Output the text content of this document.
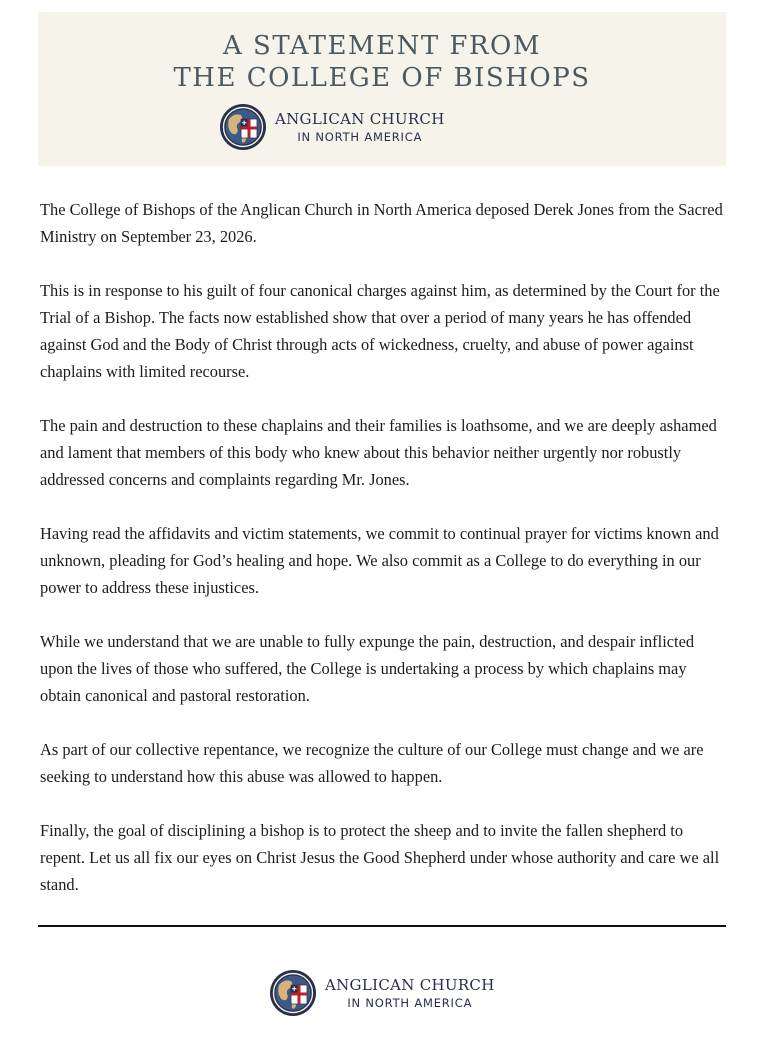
A STATEMENT FROM
THE COLLEGE OF BISHOPS
ANGLICAN CHURCH
IN NORTH AMERICA

The College of Bishops of the Anglican Church in North America deposed Derek Jones from the Sacred Ministry on September 23, 2026.

This is in response to his guilt of four canonical charges against him, as determined by the Court for the Trial of a Bishop. The facts now established show that over a period of many years he has offended against God and the Body of Christ through acts of wickedness, cruelty, and abuse of power against chaplains with limited recourse.

The pain and destruction to these chaplains and their families is loathsome, and we are deeply ashamed and lament that members of this body who knew about this behavior neither urgently nor robustly addressed concerns and complaints regarding Mr. Jones.

Having read the affidavits and victim statements, we commit to continual prayer for victims known and unknown, pleading for God’s healing and hope. We also commit as a College to do everything in our power to address these injustices.

While we understand that we are unable to fully expunge the pain, destruction, and despair inflicted upon the lives of those who suffered, the College is undertaking a process by which chaplains may obtain canonical and pastoral restoration.

As part of our collective repentance, we recognize the culture of our College must change and we are seeking to understand how this abuse was allowed to happen.

Finally, the goal of disciplining a bishop is to protect the sheep and to invite the fallen shepherd to repent. Let us all fix our eyes on Christ Jesus the Good Shepherd under whose authority and care we all stand.

ANGLICAN CHURCH
IN NORTH AMERICA
